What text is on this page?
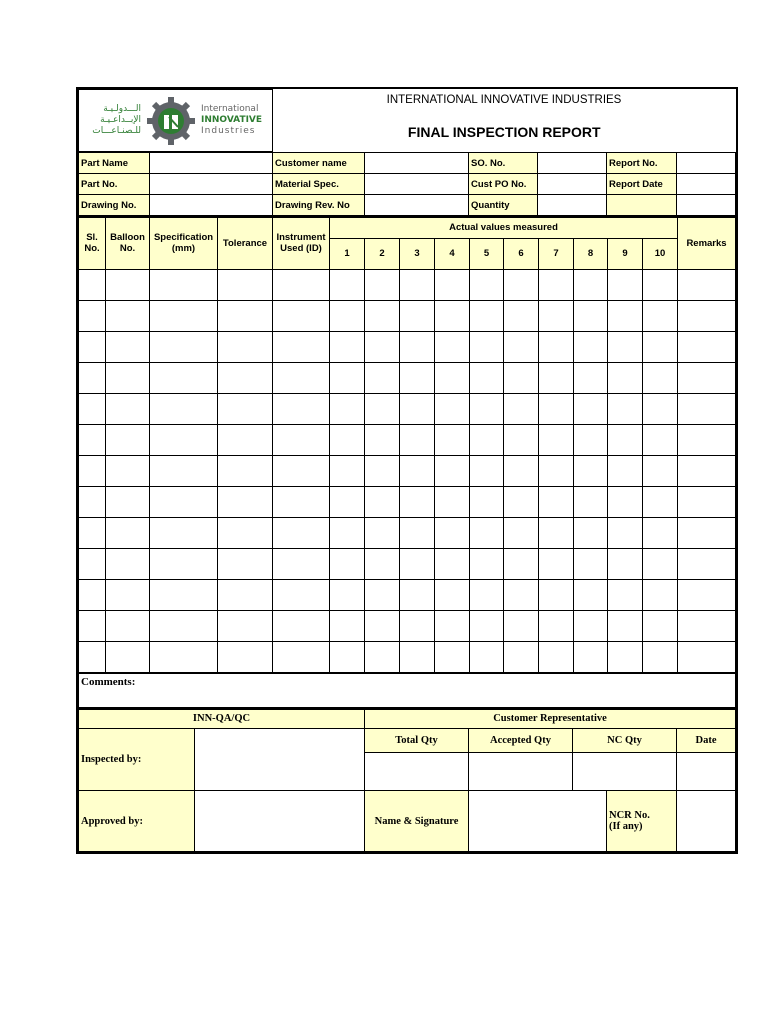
الـــدولـيـة
الإبــداعـيـة
للـصنـاعـــات
International
INNOVATIVE
Industries
	INTERNATIONAL INNOVATIVE INDUSTRIES
FINAL INSPECTION REPORT
Part Name		Customer name		SO. No.		Report No.	
Part No.		Material Spec.		Cust PO No.		Report Date	
Drawing No.		Drawing Rev. No		Quantity			
Sl. No.	Balloon No.	Specification (mm)	Tolerance	Instrument Used (ID)	Actual values measured										Remarks
					1	2	3	4	5	6	7	8	9	10	

Comments:
INN-QA/QC		Customer Representative				
Inspected by:		Total Qty	Accepted Qty	NC Qty		Date

Approved by:		Name & Signature			NCR No.
(If any)	
